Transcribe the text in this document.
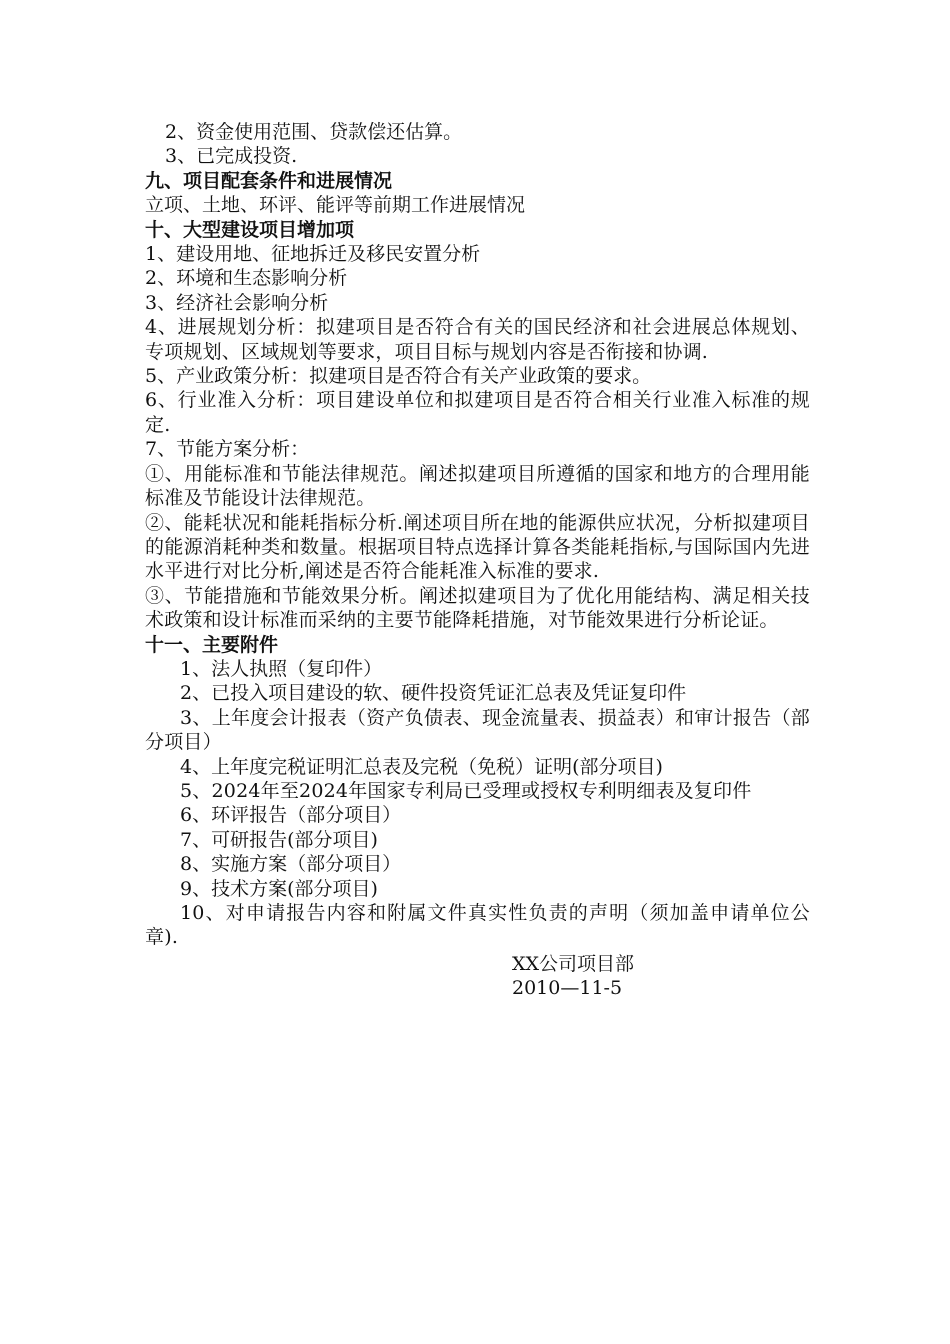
2、资金使用范围、贷款偿还估算。
3、已完成投资.
九、项目配套条件和进展情况
立项、土地、环评、能评等前期工作进展情况
十、大型建设项目增加项
1、建设用地、征地拆迁及移民安置分析
2、环境和生态影响分析
3、经济社会影响分析
4、进展规划分析：拟建项目是否符合有关的国民经济和社会进展总体规划、专项规划、区域规划等要求，项目目标与规划内容是否衔接和协调.
5、产业政策分析：拟建项目是否符合有关产业政策的要求。
6、行业准入分析：项目建设单位和拟建项目是否符合相关行业准入标准的规定.
7、节能方案分析：
①、用能标准和节能法律规范。阐述拟建项目所遵循的国家和地方的合理用能标准及节能设计法律规范。
②、能耗状况和能耗指标分析.阐述项目所在地的能源供应状况，分析拟建项目的能源消耗种类和数量。根据项目特点选择计算各类能耗指标,与国际国内先进水平进行对比分析,阐述是否符合能耗准入标准的要求.
③、节能措施和节能效果分析。阐述拟建项目为了优化用能结构、满足相关技术政策和设计标准而采纳的主要节能降耗措施，对节能效果进行分析论证。
十一、主要附件
1、法人执照（复印件）
2、已投入项目建设的软、硬件投资凭证汇总表及凭证复印件
3、上年度会计报表（资产负债表、现金流量表、损益表）和审计报告（部分项目）
4、上年度完税证明汇总表及完税（免税）证明(部分项目)
5、2024年至2024年国家专利局已受理或授权专利明细表及复印件
6、环评报告（部分项目）
7、可研报告(部分项目)
8、实施方案（部分项目）
9、技术方案(部分项目)
10、对申请报告内容和附属文件真实性负责的声明（须加盖申请单位公章).
XX公司项目部
2010—11-5
